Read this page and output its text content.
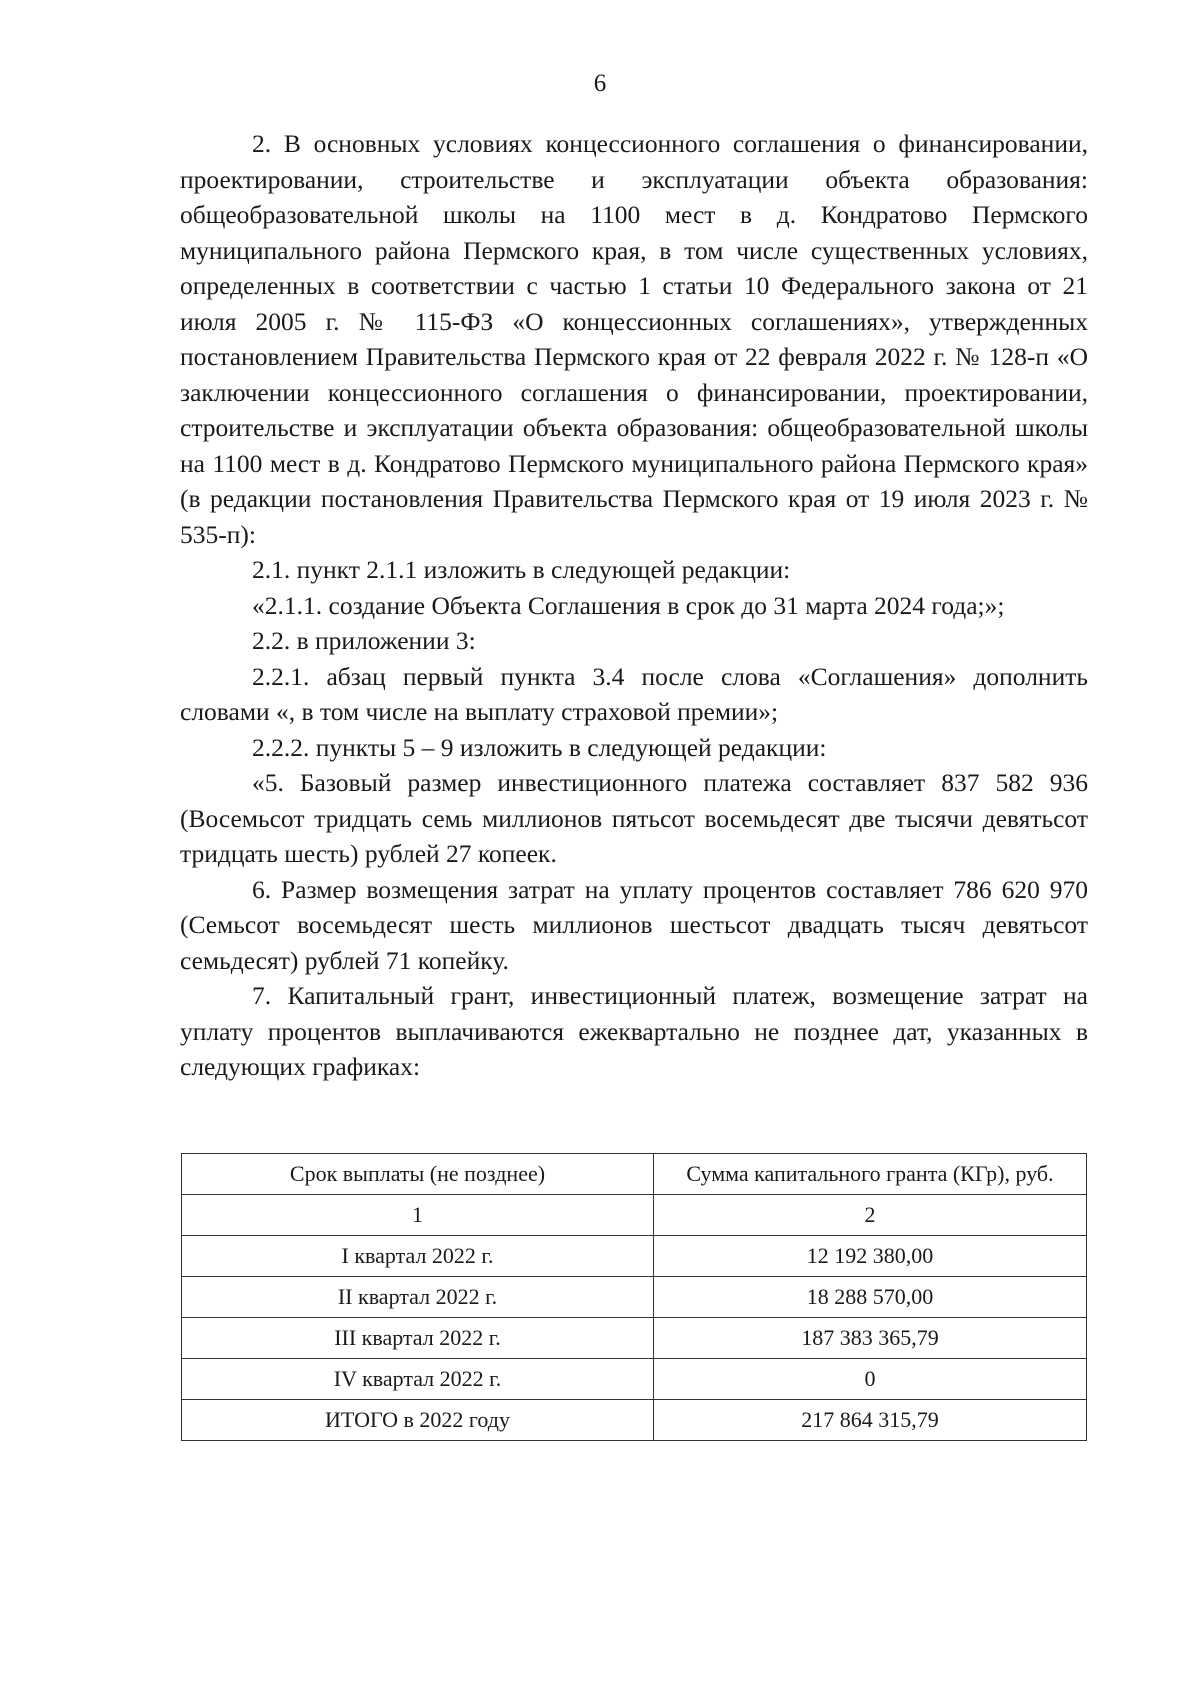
6

2. В основных условиях концессионного соглашения о финансировании, проектировании, строительстве и эксплуатации объекта образования: общеобразовательной школы на 1100 мест в д. Кондратово Пермского муниципального района Пермского края, в том числе существенных условиях, определенных в соответствии с частью 1 статьи 10 Федерального закона от 21 июля 2005 г. № 115-ФЗ «О концессионных соглашениях», утвержденных постановлением Правительства Пермского края от 22 февраля 2022 г. № 128-п «О заключении концессионного соглашения о финансировании, проектировании, строительстве и эксплуатации объекта образования: общеобразовательной школы на 1100 мест в д. Кондратово Пермского муниципального района Пермского края» (в редакции постановления Правительства Пермского края от 19 июля 2023 г. № 535-п):

2.1. пункт 2.1.1 изложить в следующей редакции:

«2.1.1. создание Объекта Соглашения в срок до 31 марта 2024 года;»;

2.2. в приложении 3:

2.2.1. абзац первый пункта 3.4 после слова «Соглашения» дополнить словами «, в том числе на выплату страховой премии»;

2.2.2. пункты 5 – 9 изложить в следующей редакции:

«5. Базовый размер инвестиционного платежа составляет 837 582 936 (Восемьсот тридцать семь миллионов пятьсот восемьдесят две тысячи девятьсот тридцать шесть) рублей 27 копеек.

6. Размер возмещения затрат на уплату процентов составляет 786 620 970 (Семьсот восемьдесят шесть миллионов шестьсот двадцать тысяч девятьсот семьдесят) рублей 71 копейку.

7. Капитальный грант, инвестиционный платеж, возмещение затрат на уплату процентов выплачиваются ежеквартально не позднее дат, указанных в следующих графиках:

Срок выплаты (не позднее)	Сумма капитального гранта (КГр), руб.
1	2
I квартал 2022 г.	12 192 380,00
II квартал 2022 г.	18 288 570,00
III квартал 2022 г.	187 383 365,79
IV квартал 2022 г.	0
ИТОГО в 2022 году	217 864 315,79
